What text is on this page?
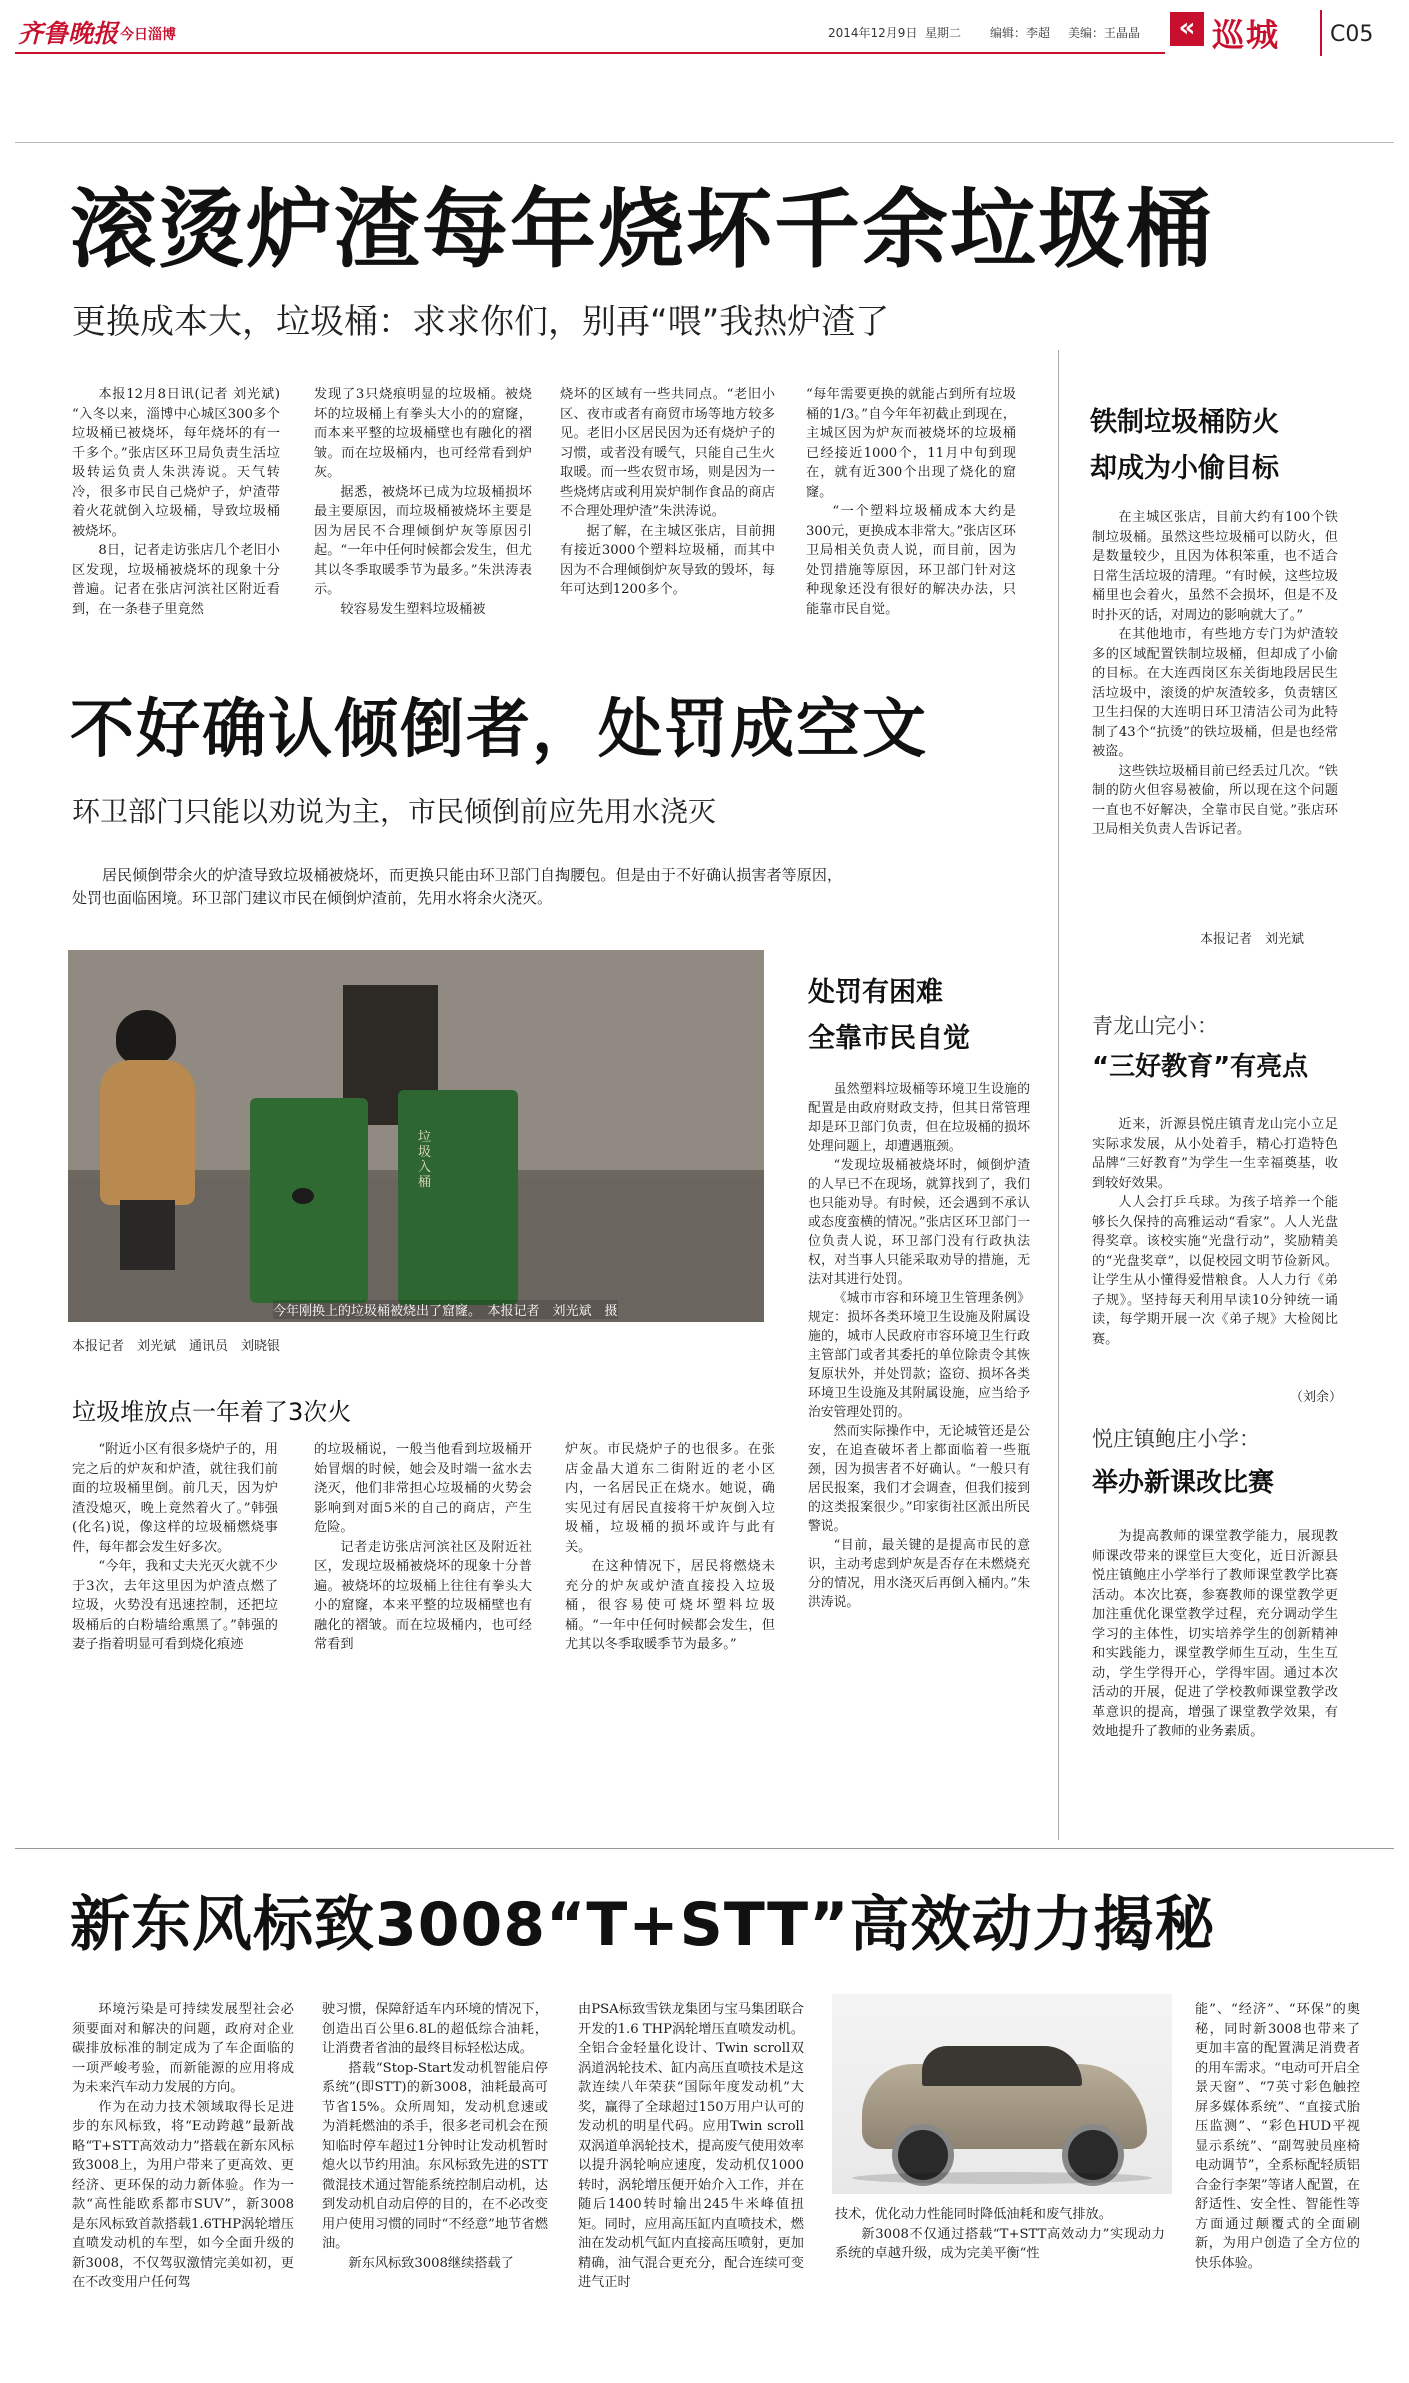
齐鲁晚报 今日淄博	2014年12月9日 星期二 编辑：李超 美编：王晶晶	« 巡城 C05
滚烫炉渣每年烧坏千余垃圾桶
更换成本大，垃圾桶：求求你们，别再“喂”我热炉渣了

本报12月8日讯(记者 刘光斌) “入冬以来，淄博中心城区300多个垃圾桶已被烧坏，每年烧坏的有一千多个。”张店区环卫局负责生活垃圾转运负责人朱洪涛说。天气转冷，很多市民自己烧炉子，炉渣带着火花就倒入垃圾桶，导致垃圾桶被烧坏。

8日，记者走访张店几个老旧小区发现，垃圾桶被烧坏的现象十分普遍。记者在张店河滨社区附近看到，在一条巷子里竟然

发现了3只烧痕明显的垃圾桶。被烧坏的垃圾桶上有拳头大小的的窟窿，而本来平整的垃圾桶壁也有融化的褶皱。而在垃圾桶内，也可经常看到炉灰。

据悉，被烧坏已成为垃圾桶损坏最主要原因，而垃圾桶被烧坏主要是因为居民不合理倾倒炉灰等原因引起。“一年中任何时候都会发生，但尤其以冬季取暖季节为最多。”朱洪涛表示。

较容易发生塑料垃圾桶被

烧坏的区域有一些共同点。“老旧小区、夜市或者有商贸市场等地方较多见。老旧小区居民因为还有烧炉子的习惯，或者没有暖气，只能自己生火取暖。而一些农贸市场，则是因为一些烧烤店或利用炭炉制作食品的商店不合理处理炉渣”朱洪涛说。

据了解，在主城区张店，目前拥有接近3000个塑料垃圾桶，而其中因为不合理倾倒炉灰导致的毁坏，每年可达到1200多个。

“每年需要更换的就能占到所有垃圾桶的1/3。”自今年年初截止到现在，主城区因为炉灰而被烧坏的垃圾桶已经接近1000个，11月中旬到现在，就有近300个出现了烧化的窟窿。

“一个塑料垃圾桶成本大约是300元，更换成本非常大。”张店区环卫局相关负责人说，而目前，因为处罚措施等原因，环卫部门针对这种现象还没有很好的解决办法，只能靠市民自觉。

铁制垃圾桶防火
却成为小偷目标

在主城区张店，目前大约有100个铁制垃圾桶。虽然这些垃圾桶可以防火，但是数量较少，且因为体积笨重，也不适合日常生活垃圾的清理。“有时候，这些垃圾桶里也会着火，虽然不会损坏，但是不及时扑灭的话，对周边的影响就大了。”

在其他地市，有些地方专门为炉渣较多的区域配置铁制垃圾桶，但却成了小偷的目标。在大连西岗区东关街地段居民生活垃圾中，滚烫的炉灰渣较多，负责辖区卫生扫保的大连明日环卫清洁公司为此特制了43个“抗烫”的铁垃圾桶，但是也经常被盗。

这些铁垃圾桶目前已经丢过几次。“铁制的防火但容易被偷，所以现在这个问题一直也不好解决，全靠市民自觉。”张店环卫局相关负责人告诉记者。

本报记者　刘光斌
不好确认倾倒者，处罚成空文
环卫部门只能以劝说为主，市民倾倒前应先用水浇灭

居民倾倒带余火的炉渣导致垃圾桶被烧坏，而更换只能由环卫部门自掏腰包。但是由于不好确认损害者等原因，处罚也面临困境。环卫部门建议市民在倾倒炉渣前，先用水将余火浇灭。

垃圾入桶
今年刚换上的垃圾桶被烧出了窟窿。　本报记者　刘光斌　摄
本报记者　刘光斌　通讯员　刘晓银
垃圾堆放点一年着了3次火

“附近小区有很多烧炉子的，用完之后的炉灰和炉渣，就往我们前面的垃圾桶里倒。前几天，因为炉渣没熄灭，晚上竟然着火了。”韩强(化名)说，像这样的垃圾桶燃烧事件，每年都会发生好多次。

“今年，我和丈夫光灭火就不少于3次，去年这里因为炉渣点燃了垃圾，火势没有迅速控制，还把垃圾桶后的白粉墙给熏黑了。”韩强的妻子指着明显可看到烧化痕迹

的垃圾桶说，一般当他看到垃圾桶开始冒烟的时候，她会及时端一盆水去浇灭，他们非常担心垃圾桶的火势会影响到对面5米的自己的商店，产生危险。

记者走访张店河滨社区及附近社区，发现垃圾桶被烧坏的现象十分普遍。被烧坏的垃圾桶上往往有拳头大小的窟窿，本来平整的垃圾桶壁也有融化的褶皱。而在垃圾桶内，也可经常看到

炉灰。市民烧炉子的也很多。在张店金晶大道东二街附近的老小区内，一名居民正在烧水。她说，确实见过有居民直接将干炉灰倒入垃圾桶，垃圾桶的损坏或许与此有关。

在这种情况下，居民将燃烧未充分的炉灰或炉渣直接投入垃圾桶，很容易使可烧坏塑料垃圾桶。“一年中任何时候都会发生，但尤其以冬季取暖季节为最多。”

处罚有困难
全靠市民自觉

虽然塑料垃圾桶等环境卫生设施的配置是由政府财政支持，但其日常管理却是环卫部门负责，但在垃圾桶的损坏处理问题上，却遭遇瓶颈。

“发现垃圾桶被烧坏时，倾倒炉渣的人早已不在现场，就算找到了，我们也只能劝导。有时候，还会遇到不承认或态度蛮横的情况。”张店区环卫部门一位负责人说，环卫部门没有行政执法权，对当事人只能采取劝导的措施，无法对其进行处罚。

《城市市容和环境卫生管理条例》规定：损坏各类环境卫生设施及附属设施的，城市人民政府市容环境卫生行政主管部门或者其委托的单位除责令其恢复原状外，并处罚款；盗窃、损坏各类环境卫生设施及其附属设施，应当给予治安管理处罚的。

然而实际操作中，无论城管还是公安，在追查破坏者上都面临着一些瓶颈，因为损害者不好确认。“一般只有居民报案，我们才会调查，但我们接到的这类报案很少。”印家街社区派出所民警说。

“目前，最关键的是提高市民的意识，主动考虑到炉灰是否存在未燃烧充分的情况，用水浇灭后再倒入桶内。”朱洪涛说。

青龙山完小：
“三好教育”有亮点

近来，沂源县悦庄镇青龙山完小立足实际求发展，从小处着手，精心打造特色品牌“三好教育”为学生一生幸福奠基，收到较好效果。

人人会打乒乓球。为孩子培养一个能够长久保持的高雅运动“看家”。人人光盘得奖章。该校实施“光盘行动”，奖励精美的“光盘奖章”，以促校园文明节俭新风。让学生从小懂得爱惜粮食。人人力行《弟子规》。坚持每天利用早读10分钟统一诵读，每学期开展一次《弟子规》大检阅比赛。

（刘余）
悦庄镇鲍庄小学：
举办新课改比赛

为提高教师的课堂教学能力，展现教师课改带来的课堂巨大变化，近日沂源县悦庄镇鲍庄小学举行了教师课堂教学比赛活动。本次比赛，参赛教师的课堂教学更加注重优化课堂教学过程，充分调动学生学习的主体性，切实培养学生的创新精神和实践能力，课堂教学师生互动，生生互动，学生学得开心，学得牢固。通过本次活动的开展，促进了学校教师课堂教学改革意识的提高，增强了课堂教学效果，有效地提升了教师的业务素质。

新东风标致3008“T+STT”高效动力揭秘

环境污染是可持续发展型社会必须要面对和解决的问题，政府对企业碳排放标准的制定成为了车企面临的一项严峻考验，而新能源的应用将成为未来汽车动力发展的方向。

作为在动力技术领域取得长足进步的东风标致，将“E动跨越”最新战略“T+STT高效动力”搭载在新东风标致3008上，为用户带来了更高效、更经济、更环保的动力新体验。作为一款“高性能欧系都市SUV”，新3008是东风标致首款搭载1.6THP涡轮增压直喷发动机的车型，如今全面升级的新3008，不仅驾驭激情完美如初，更在不改变用户任何驾

驶习惯，保障舒适车内环境的情况下，创造出百公里6.8L的超低综合油耗，让消费者省油的最终目标轻松达成。

搭载“Stop-Start发动机智能启停系统”(即STT)的新3008，油耗最高可节省15%。众所周知，发动机怠速或为消耗燃油的杀手，很多老司机会在预知临时停车超过1分钟时让发动机暂时熄火以节约用油。东风标致先进的STT微混技术通过智能系统控制启动机，达到发动机自动启停的目的，在不必改变用户使用习惯的同时“不经意”地节省燃油。

新东风标致3008继续搭载了

由PSA标致雪铁龙集团与宝马集团联合开发的1.6 THP涡轮增压直喷发动机。全铝合金轻量化设计、Twin scroll双涡道涡轮技术、缸内高压直喷技术是这款连续八年荣获“国际年度发动机”大奖，赢得了全球超过150万用户认可的发动机的明星代码。应用Twin scroll双涡道单涡轮技术，提高废气使用效率以提升涡轮响应速度，发动机仅1000转时，涡轮增压便开始介入工作，并在随后1400转时输出245牛米峰值扭矩。同时，应用高压缸内直喷技术，燃油在发动机气缸内直接高压喷射，更加精确，油气混合更充分，配合连续可变进气正时

技术，优化动力性能同时降低油耗和废气排放。

新3008不仅通过搭载“T+STT高效动力”实现动力系统的卓越升级，成为完美平衡“性

能”、“经济”、“环保”的奥秘，同时新3008也带来了更加丰富的配置满足消费者的用车需求。“电动可开启全景天窗”、“7英寸彩色触控屏多媒体系统”、“直接式胎压监测”、“彩色HUD平视显示系统”、“副驾驶员座椅电动调节”，全系标配轻质铝合金行李架”等诸人配置，在舒适性、安全性、智能性等方面通过颠覆式的全面刷新，为用户创造了全方位的快乐体验。
